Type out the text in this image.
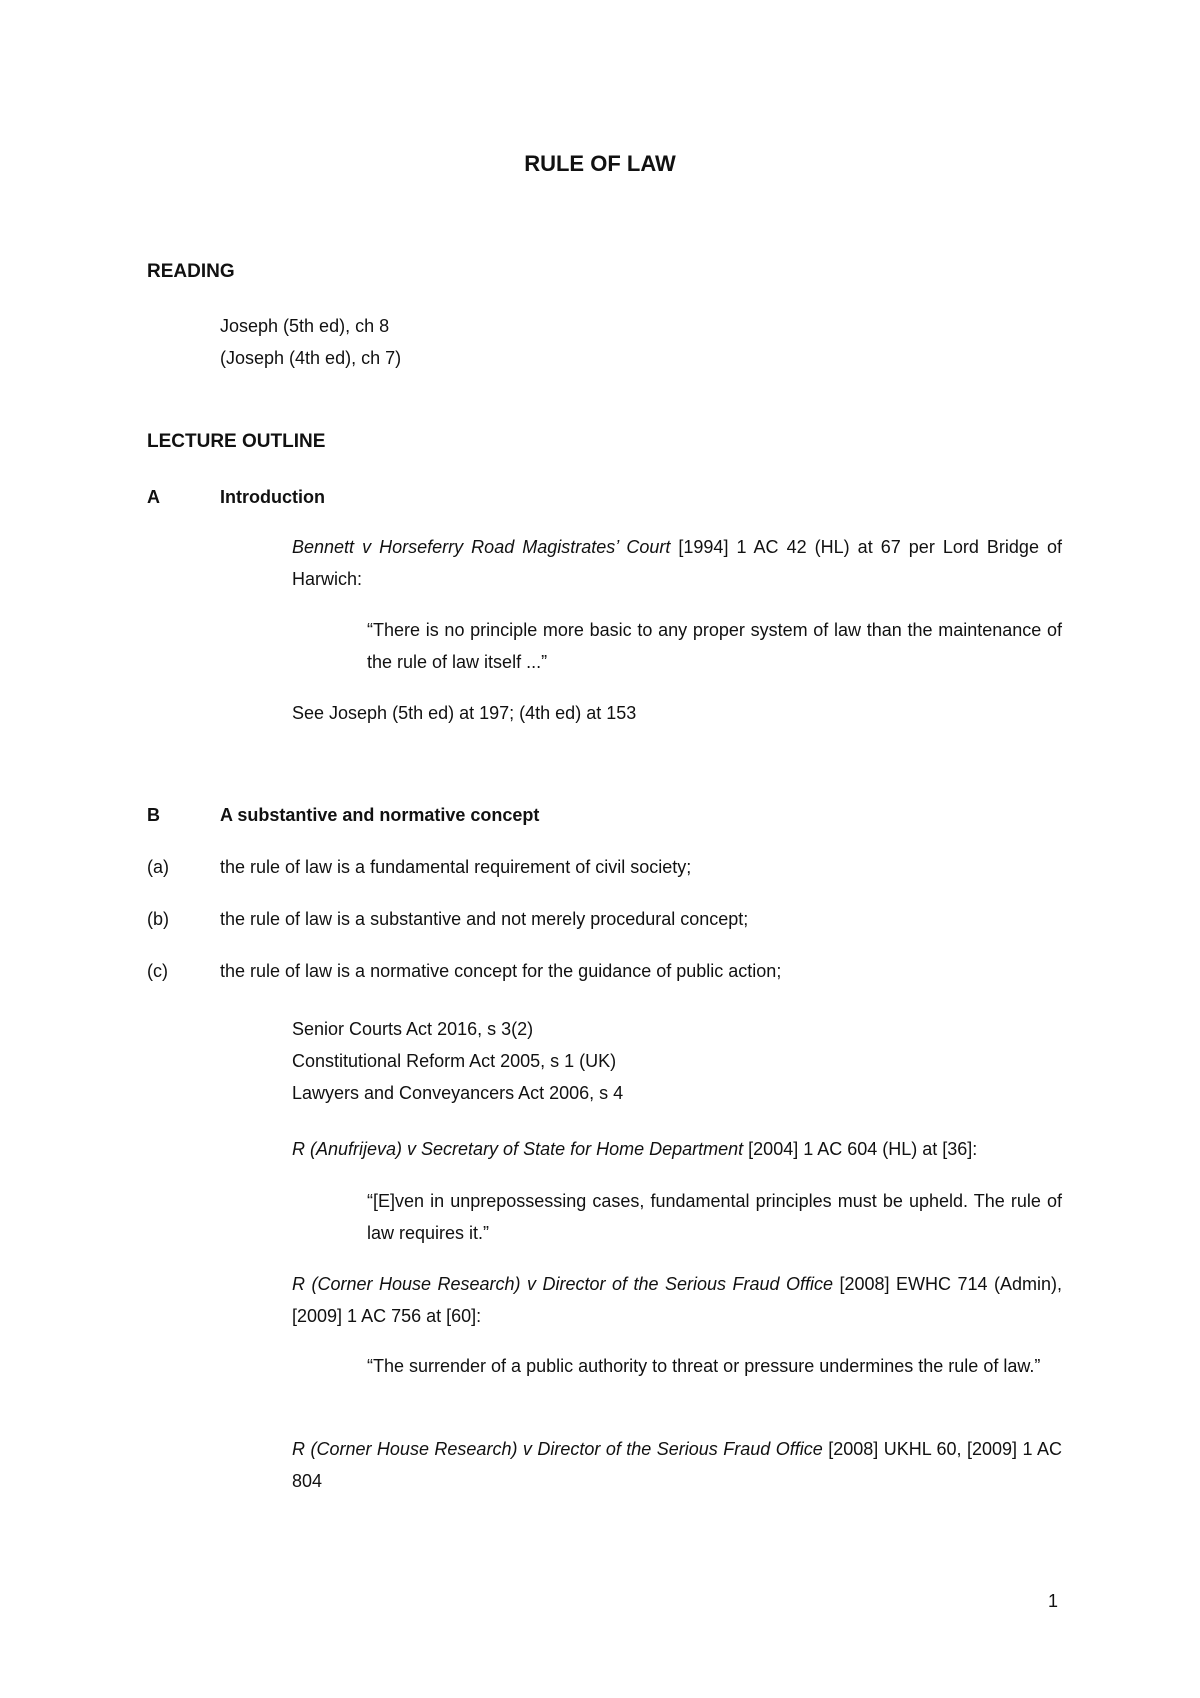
RULE OF LAW
READING
Joseph (5th ed), ch 8
(Joseph (4th ed), ch 7)
LECTURE OUTLINE
A	Introduction
Bennett v Horseferry Road Magistrates’ Court [1994] 1 AC 42 (HL) at 67 per Lord Bridge of Harwich:
“There is no principle more basic to any proper system of law than the maintenance of the rule of law itself ...”
See Joseph (5th ed) at 197; (4th ed) at 153
B	A substantive and normative concept
(a)	the rule of law is a fundamental requirement of civil society;
(b)	the rule of law is a substantive and not merely procedural concept;
(c)	the rule of law is a normative concept for the guidance of public action;
Senior Courts Act 2016, s 3(2)
Constitutional Reform Act 2005, s 1 (UK)
Lawyers and Conveyancers Act 2006, s 4
R (Anufrijeva) v Secretary of State for Home Department [2004] 1 AC 604 (HL) at [36]:
“[E]ven in unprepossessing cases, fundamental principles must be upheld. The rule of law requires it.”
R (Corner House Research) v Director of the Serious Fraud Office [2008] EWHC 714 (Admin), [2009] 1 AC 756 at [60]:
“The surrender of a public authority to threat or pressure undermines the rule of law.”
R (Corner House Research) v Director of the Serious Fraud Office [2008] UKHL 60, [2009] 1 AC 804
1
